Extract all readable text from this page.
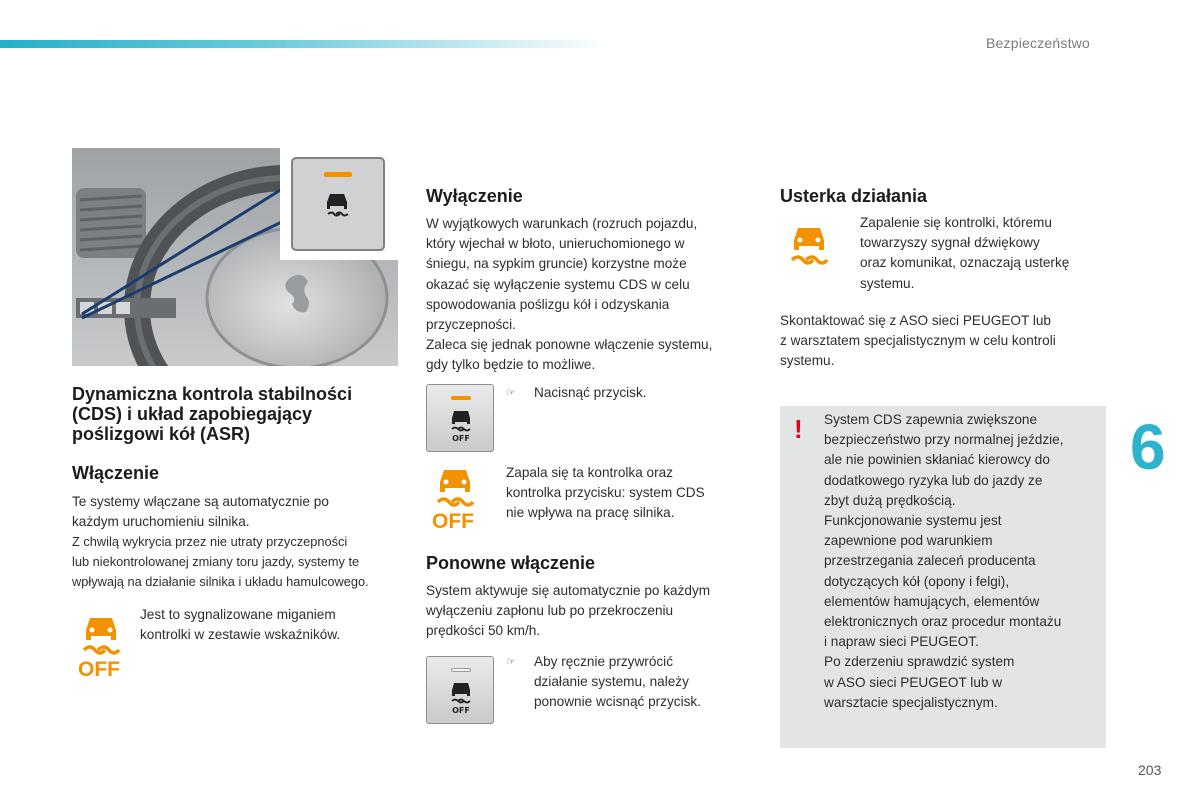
Bezpieczeństwo
Dynamiczna kontrola stabilności (CDS) i układ zapobiegający poślizgowi kół (ASR)
Włączenie
Te systemy włączane są automatycznie po
każdym uruchomieniu silnika.
Z chwilą wykrycia przez nie utraty przyczepności
lub niekontrolowanej zmiany toru jazdy, systemy te
wpływają na działanie silnika i układu hamulcowego.
OFF
Jest to sygnalizowane miganiem
kontrolki w zestawie wskaźników.
Wyłączenie
W wyjątkowych warunkach (rozruch pojazdu,
który wjechał w błoto, unieruchomionego w
śniegu, na sypkim gruncie) korzystne może
okazać się wyłączenie systemu CDS w celu
spowodowania poślizgu kół i odzyskania
przyczepności.
Zaleca się jednak ponowne włączenie systemu,
gdy tylko będzie to możliwe.
OFF
☞ Nacisnąć przycisk.
OFF
Zapala się ta kontrolka oraz
kontrolka przycisku: system CDS
nie wpływa na pracę silnika.
Ponowne włączenie
System aktywuje się automatycznie po każdym
wyłączeniu zapłonu lub po przekroczeniu
prędkości 50 km/h.
OFF
☞ Aby ręcznie przywrócić
działanie systemu, należy
ponownie wcisnąć przycisk.
Usterka działania
Zapalenie się kontrolki, któremu
towarzyszy sygnał dźwiękowy
oraz komunikat, oznaczają usterkę
systemu.
Skontaktować się z ASO sieci PEUGEOT lub
z warsztatem specjalistycznym w celu kontroli
systemu.
! System CDS zapewnia zwiększone
bezpieczeństwo przy normalnej jeździe,
ale nie powinien skłaniać kierowcy do
dodatkowego ryzyka lub do jazdy ze
zbyt dużą prędkością.
Funkcjonowanie systemu jest
zapewnione pod warunkiem
przestrzegania zaleceń producenta
dotyczących kół (opony i felgi),
elementów hamujących, elementów
elektronicznych oraz procedur montażu
i napraw sieci PEUGEOT.
Po zderzeniu sprawdzić system
w ASO sieci PEUGEOT lub w
warsztacie specjalistycznym.
6
203
